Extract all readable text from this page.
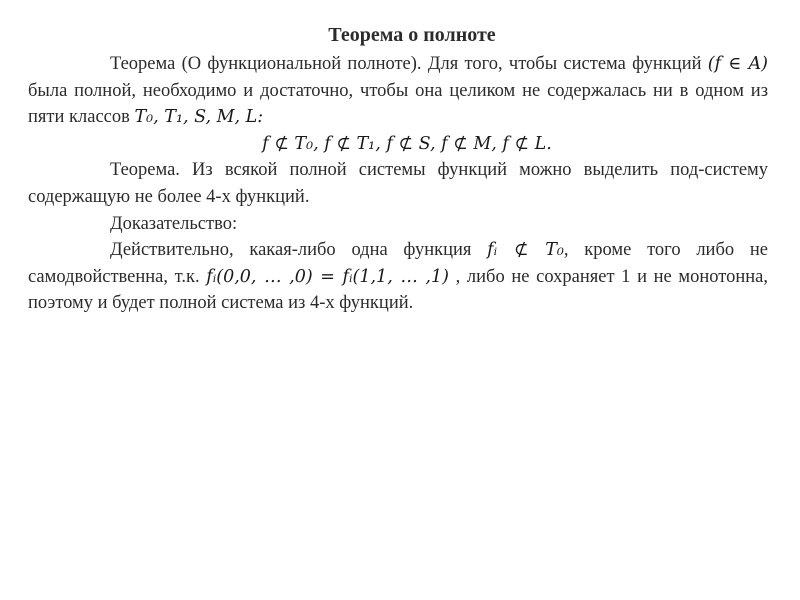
Теорема о полноте

Теорема (О функциональной полноте). Для того, чтобы система функций (f ∈ A) была полной, необходимо и достаточно, чтобы она целиком не содержалась ни в одном из пяти классов T₀, T₁, S, M, L:

f ⊄ T₀, f ⊄ T₁, f ⊄ S, f ⊄ M, f ⊄ L.

Теорема. Из всякой полной системы функций можно выделить под-систему содержащую не более 4-х функций.

Доказательство:

Действительно, какая-либо одна функция fᵢ ⊄ T₀, кроме того либо не самодвойственна, т.к. fᵢ(0,0, … ,0) = fᵢ(1,1, … ,1) , либо не сохраняет 1 и не монотонна, поэтому и будет полной система из 4-х функций.
